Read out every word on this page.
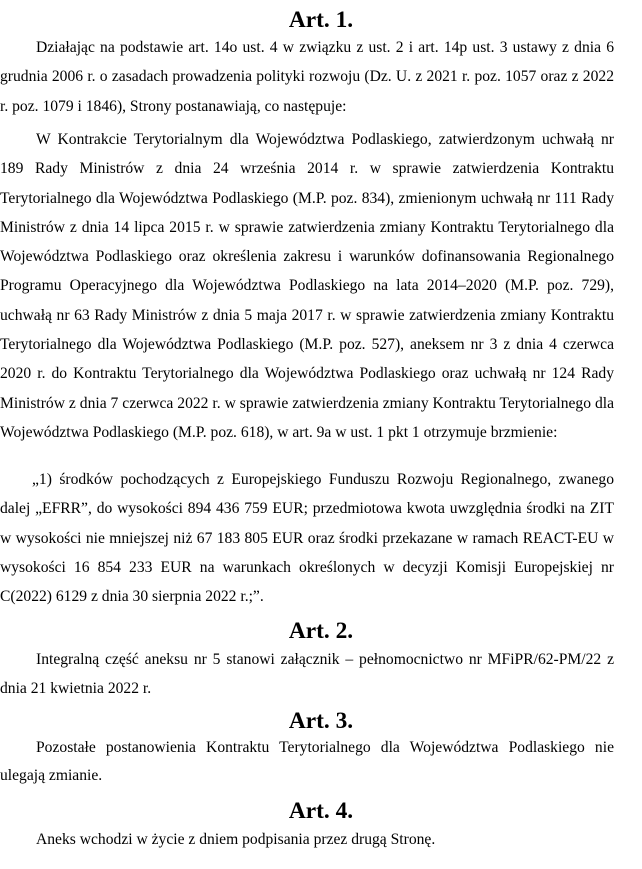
Art. 1.

Działając na podstawie art. 14o ust. 4 w związku z ust. 2 i art. 14p ust. 3 ustawy z dnia 6 grudnia 2006 r. o zasadach prowadzenia polityki rozwoju (Dz. U. z 2021 r. poz. 1057 oraz z 2022 r. poz. 1079 i 1846), Strony postanawiają, co następuje:

W Kontrakcie Terytorialnym dla Województwa Podlaskiego, zatwierdzonym uchwałą nr 189 Rady Ministrów z dnia 24 września 2014 r. w sprawie zatwierdzenia Kontraktu Terytorialnego dla Województwa Podlaskiego (M.P. poz. 834), zmienionym uchwałą nr 111 Rady Ministrów z dnia 14 lipca 2015 r. w sprawie zatwierdzenia zmiany Kontraktu Terytorialnego dla Województwa Podlaskiego oraz określenia zakresu i warunków dofinansowania Regionalnego Programu Operacyjnego dla Województwa Podlaskiego na lata 2014–2020 (M.P. poz. 729), uchwałą nr 63 Rady Ministrów z dnia 5 maja 2017 r. w sprawie zatwierdzenia zmiany Kontraktu Terytorialnego dla Województwa Podlaskiego (M.P. poz. 527), aneksem nr 3 z dnia 4 czerwca 2020 r. do Kontraktu Terytorialnego dla Województwa Podlaskiego oraz uchwałą nr 124 Rady Ministrów z dnia 7 czerwca 2022 r. w sprawie zatwierdzenia zmiany Kontraktu Terytorialnego dla Województwa Podlaskiego (M.P. poz. 618), w art. 9a w ust. 1 pkt 1 otrzymuje brzmienie:

„1) środków pochodzących z Europejskiego Funduszu Rozwoju Regionalnego, zwanego dalej „EFRR”, do wysokości 894 436 759 EUR; przedmiotowa kwota uwzględnia środki na ZIT w wysokości nie mniejszej niż 67 183 805 EUR oraz środki przekazane w ramach REACT-EU w wysokości 16 854 233 EUR na warunkach określonych w decyzji Komisji Europejskiej nr C(2022) 6129 z dnia 30 sierpnia 2022 r.;”.

Art. 2.

Integralną część aneksu nr 5 stanowi załącznik – pełnomocnictwo nr MFiPR/62-PM/22 z dnia 21 kwietnia 2022 r.

Art. 3.

Pozostałe postanowienia Kontraktu Terytorialnego dla Województwa Podlaskiego nie ulegają zmianie.

Art. 4.

Aneks wchodzi w życie z dniem podpisania przez drugą Stronę.
